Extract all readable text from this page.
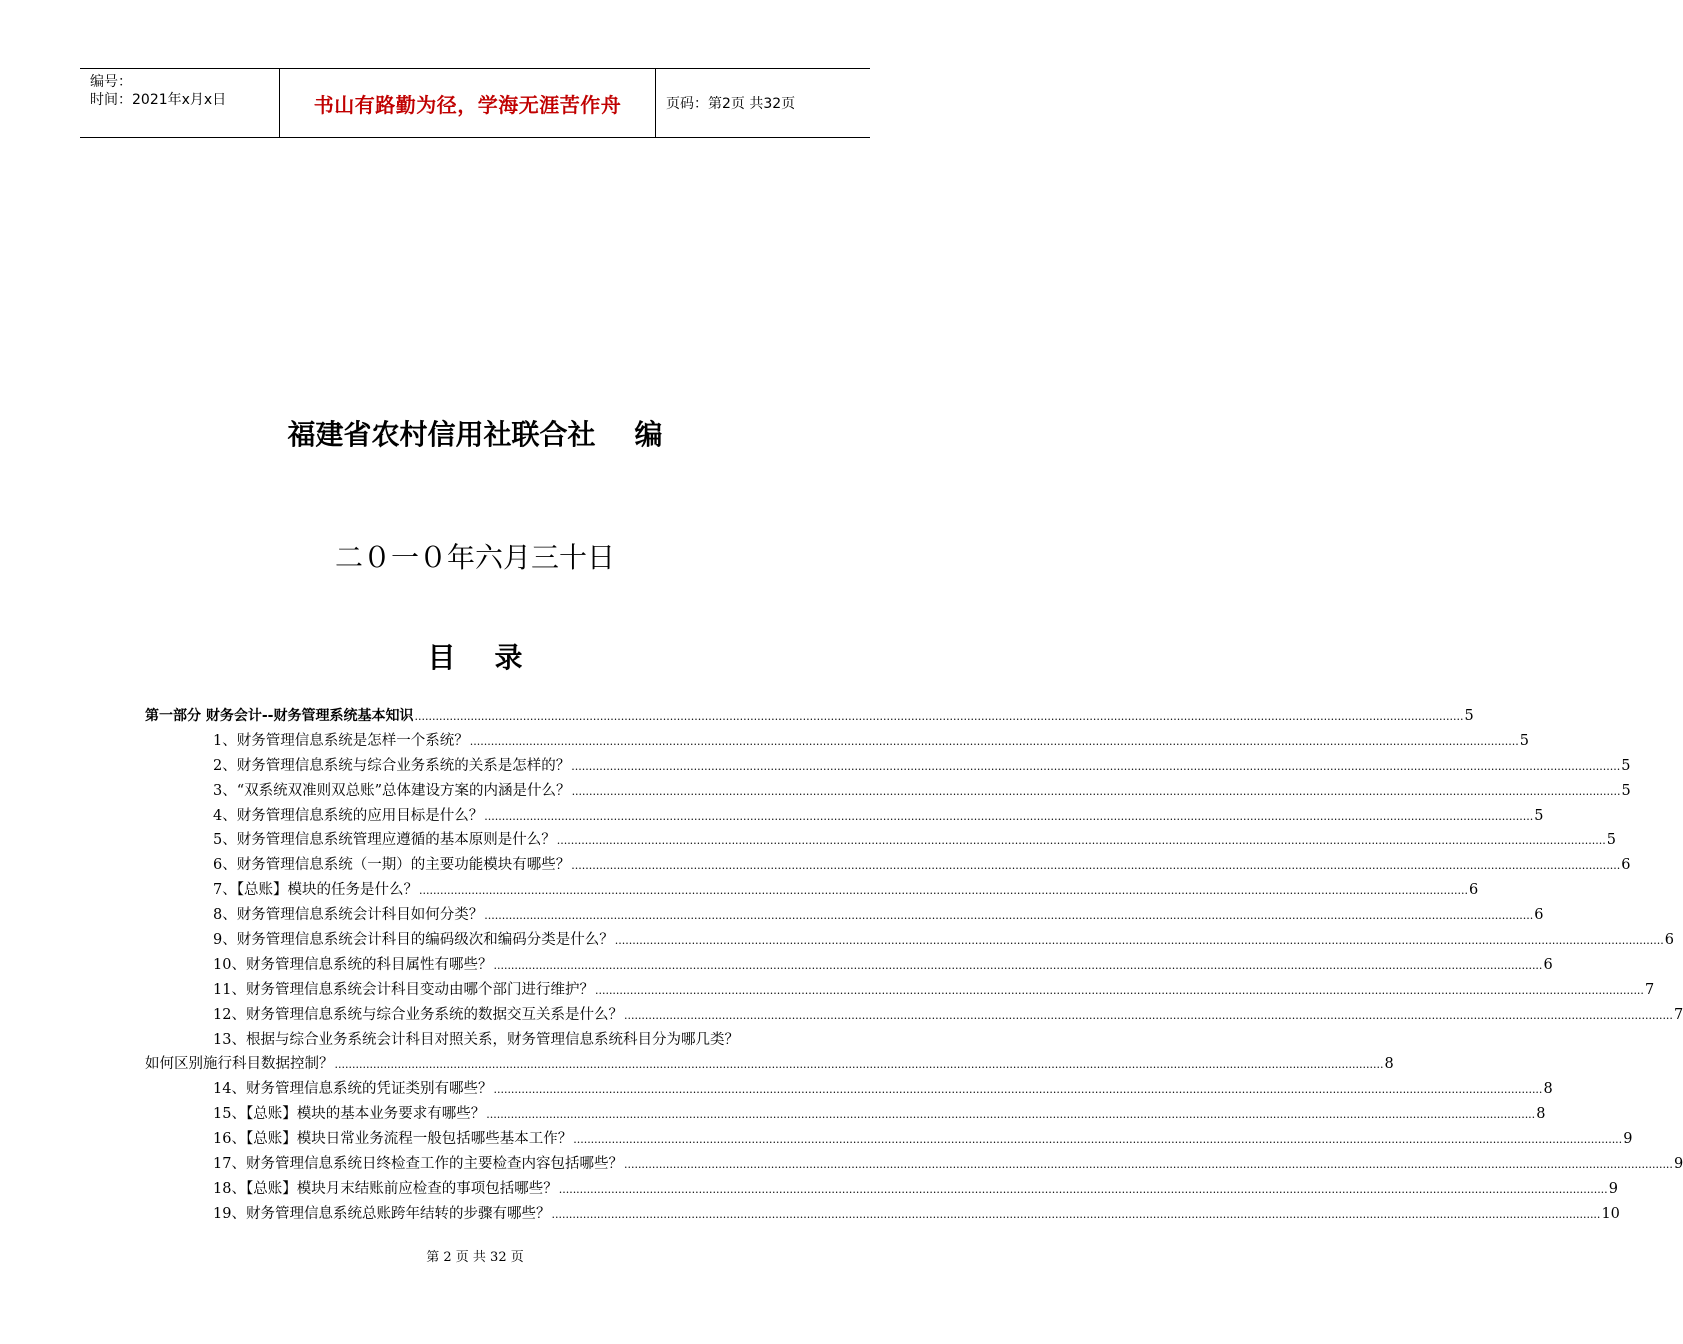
编号：
时间：2021年x月x日	书山有路勤为径，学海无涯苦作舟	页码：第2页 共32页
福建省农村信用社联合社    编
二０一０年六月三十日
目    录
第一部分 财务会计--财务管理系统基本知识 ............................................................................................................................................................................................................................................................................................................ 5
1、财务管理信息系统是怎样一个系统？ ............................................................................................................................................................................................................................................................................................................ 5
2、财务管理信息系统与综合业务系统的关系是怎样的？ ............................................................................................................................................................................................................................................................................................................ 5
3、“双系统双准则双总账”总体建设方案的内涵是什么？ ............................................................................................................................................................................................................................................................................................................ 5
4、财务管理信息系统的应用目标是什么？ ............................................................................................................................................................................................................................................................................................................ 5
5、财务管理信息系统管理应遵循的基本原则是什么？ ............................................................................................................................................................................................................................................................................................................ 5
6、财务管理信息系统（一期）的主要功能模块有哪些？ ............................................................................................................................................................................................................................................................................................................ 6
7、【总账】模块的任务是什么？ ............................................................................................................................................................................................................................................................................................................ 6
8、财务管理信息系统会计科目如何分类？ ............................................................................................................................................................................................................................................................................................................ 6
9、财务管理信息系统会计科目的编码级次和编码分类是什么？ ............................................................................................................................................................................................................................................................................................................ 6
10、财务管理信息系统的科目属性有哪些？ ............................................................................................................................................................................................................................................................................................................ 6
11、财务管理信息系统会计科目变动由哪个部门进行维护？ ............................................................................................................................................................................................................................................................................................................ 7
12、财务管理信息系统与综合业务系统的数据交互关系是什么？ ............................................................................................................................................................................................................................................................................................................ 7
13、根据与综合业务系统会计科目对照关系，财务管理信息系统科目分为哪几类？
如何区别施行科目数据控制？ ............................................................................................................................................................................................................................................................................................................ 8
14、财务管理信息系统的凭证类别有哪些？ ............................................................................................................................................................................................................................................................................................................ 8
15、【总账】模块的基本业务要求有哪些？ ............................................................................................................................................................................................................................................................................................................ 8
16、【总账】模块日常业务流程一般包括哪些基本工作？ ............................................................................................................................................................................................................................................................................................................ 9
17、财务管理信息系统日终检查工作的主要检查内容包括哪些？ ............................................................................................................................................................................................................................................................................................................ 9
18、【总账】模块月末结账前应检查的事项包括哪些？ ............................................................................................................................................................................................................................................................................................................ 9
19、财务管理信息系统总账跨年结转的步骤有哪些？ ............................................................................................................................................................................................................................................................................................................ 10
第 2 页 共 32 页
